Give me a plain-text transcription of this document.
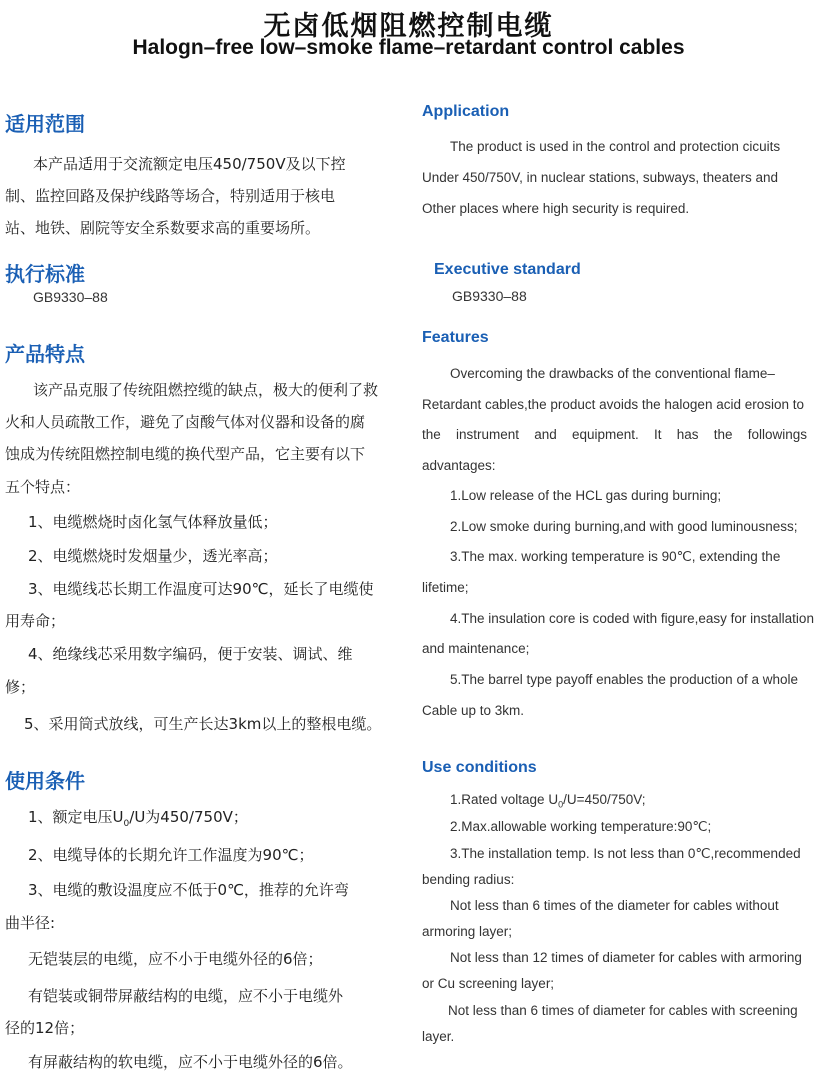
无卤低烟阻燃控制电缆
Halogn–free low–smoke flame–retardant control cables
适用范围
本产品适用于交流额定电压450/750V及以下控
制、监控回路及保护线路等场合，特别适用于核电
站、地铁、剧院等安全系数要求高的重要场所。
执行标准
GB9330–88
产品特点
该产品克服了传统阻燃控缆的缺点，极大的便利了救
火和人员疏散工作，避免了卤酸气体对仪器和设备的腐
蚀成为传统阻燃控制电缆的换代型产品，它主要有以下
五个特点：
1、电缆燃烧时卤化氢气体释放量低；
2、电缆燃烧时发烟量少，透光率高；
3、电缆线芯长期工作温度可达90℃，延长了电缆使
用寿命；
4、绝缘线芯采用数字编码，便于安装、调试、维
修；
5、采用筒式放线，可生产长达3km以上的整根电缆。
使用条件
1、额定电压$U_0/U$为450/750V；
2、电缆导体的长期允许工作温度为90℃；
3、电缆的敷设温度应不低于0℃，推荐的允许弯
曲半径:
无铠装层的电缆，应不小于电缆外径的6倍；
有铠装或铜带屏蔽结构的电缆，应不小于电缆外
径的12倍；
有屏蔽结构的软电缆，应不小于电缆外径的6倍。
Application
The product is used in the control and protection cicuits
Under 450/750V, in nuclear stations, subways, theaters and
Other places where high security is required.
Executive standard
GB9330–88
Features
Overcoming the drawbacks of the conventional flame–
Retardant cables,the product avoids the halogen acid erosion to
the instrument and equipment. It has the followings
advantages:
1.Low release of the HCL gas during burning;
2.Low smoke during burning,and with good luminousness;
3.The max. working temperature is 90℃, extending the
lifetime;
4.The insulation core is coded with figure,easy for installation
and maintenance;
5.The barrel type payoff enables the production of a whole
Cable up to 3km.
Use conditions
1.Rated voltage $U_0/U=450/750V$;
2.Max.allowable working temperature:90℃;
3.The installation temp. Is not less than 0℃,recommended
bending radius:
Not less than 6 times of the diameter for cables without
armoring layer;
Not less than 12 times of diameter for cables with armoring
or Cu screening layer;
Not less than 6 times of diameter for cables with screening
layer.
